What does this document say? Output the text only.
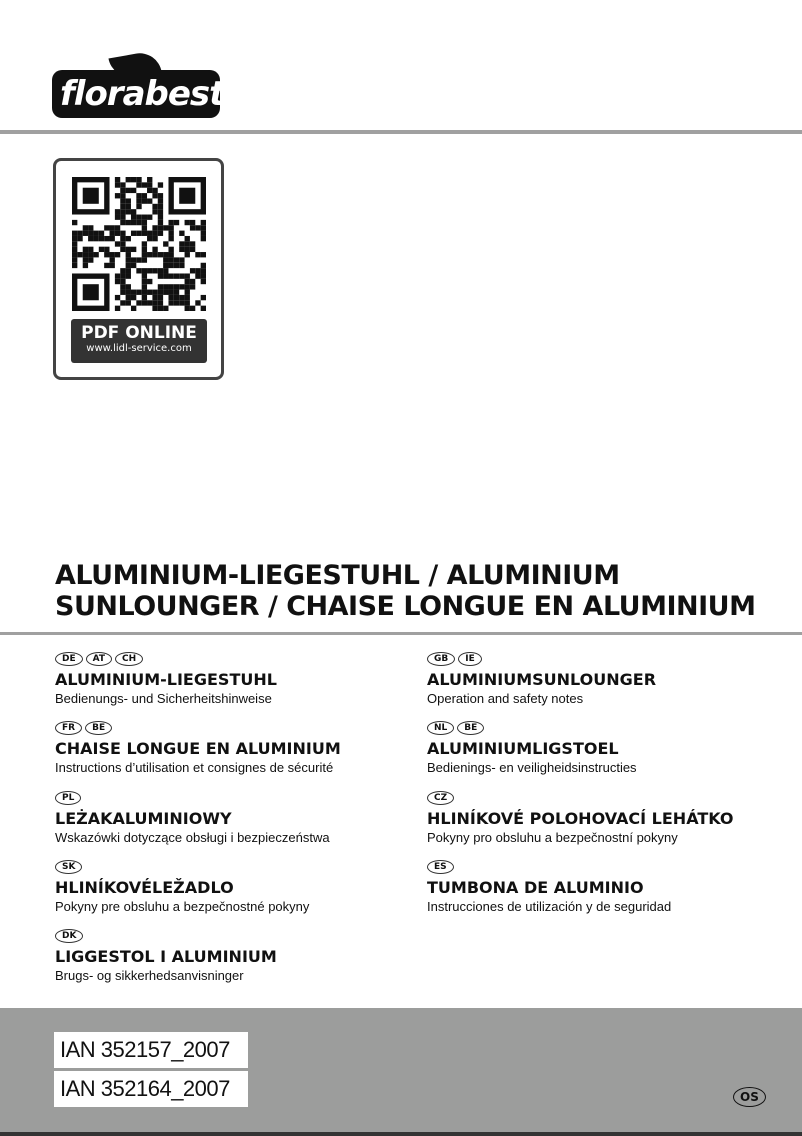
florabest
PDF ONLINE
www.lidl-service.com
ALUMINIUM-LIEGESTUHL / ALUMINIUM
SUNLOUNGER / CHAISE LONGUE EN ALUMINIUM
DE	AT	CH
ALUMINIUM-LIEGESTUHL
Bedienungs- und Sicherheitshinweise
FR	BE
CHAISE LONGUE EN ALUMINIUM
Instructions d’utilisation et consignes de sécurité
PL
LEŻAKALUMINIOWY
Wskazówki dotyczące obsługi i bezpieczeństwa
SK
HLINÍKOVÉLEŽADLO
Pokyny pre obsluhu a bezpečnostné pokyny
DK
LIGGESTOL I ALUMINIUM
Brugs- og sikkerhedsanvisninger
GB	IE
ALUMINIUMSUNLOUNGER
Operation and safety notes
NL	BE
ALUMINIUMLIGSTOEL
Bedienings- en veiligheidsinstructies
CZ
HLINÍKOVÉ POLOHOVACÍ LEHÁTKO
Pokyny pro obsluhu a bezpečnostní pokyny
ES
TUMBONA DE ALUMINIO
Instrucciones de utilización y de seguridad
IAN 352157_2007
IAN 352164_2007	OS
